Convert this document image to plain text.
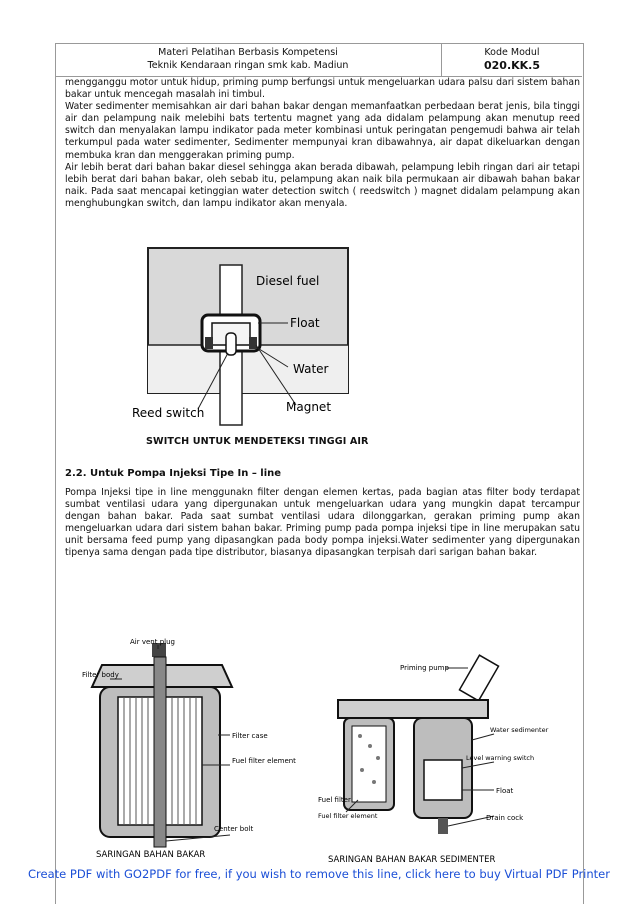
Materi Pelatihan Berbasis Kompetensi
Teknik Kendaraan ringan smk kab. Madiun
Kode Modul
020.KK.5

mengganggu motor untuk hidup, priming pump berfungsi untuk mengeluarkan udara palsu dari sistem bahan bakar untuk mencegah masalah ini timbul.

Water sedimenter memisahkan air dari bahan bakar dengan memanfaatkan perbedaan berat jenis, bila tinggi air dan pelampung naik melebihi bats tertentu magnet yang ada didalam pelampung akan menutup reed switch dan menyalakan lampu indikator pada meter kombinasi untuk peringatan pengemudi bahwa air telah terkumpul pada water sedimenter, Sedimenter mempunyai kran dibawahnya, air dapat dikeluarkan dengan membuka kran dan menggerakan priming pump.

Air lebih berat dari bahan bakar diesel sehingga akan berada dibawah, pelampung lebih ringan dari air tetapi lebih berat dari bahan bakar, oleh sebab itu, pelampung akan naik bila permukaan air dibawah bahan bakar naik. Pada saat mencapai ketinggian water detection switch ( reedswitch ) magnet didalam pelampung akan menghubungkan switch, dan lampu indikator akan menyala.

Diesel fuel
Float
Water
Reed switch	Magnet
SWITCH UNTUK MENDETEKSI TINGGI AIR
2.2. Untuk Pompa Injeksi Tipe In – line

Pompa Injeksi tipe in line menggunakn filter dengan elemen kertas, pada bagian atas filter body terdapat sumbat ventilasi udara yang dipergunakan untuk mengeluarkan udara yang mungkin dapat tercampur dengan bahan bakar. Pada saat sumbat ventilasi udara dilonggarkan, gerakan priming pump akan mengeluarkan udara dari sistem bahan bakar. Priming pump pada pompa injeksi tipe in line merupakan satu unit bersama feed pump yang dipasangkan pada body pompa injeksi.Water sedimenter yang dipergunakan tipenya sama dengan pada tipe distributor, biasanya dipasangkan terpisah dari sarigan bahan bakar.

Air vent plug
Filter body
Filter case
Fuel filter element
Center bolt
SARINGAN BAHAN BAKAR
Priming pump
Water sedimenter
Level warning switch
Float
Fuel filter
Fuel filter element	Drain cock
SARINGAN BAHAN BAKAR SEDIMENTER
Create PDF with GO2PDF for free, if you wish to remove this line, click here to buy Virtual PDF Printer
